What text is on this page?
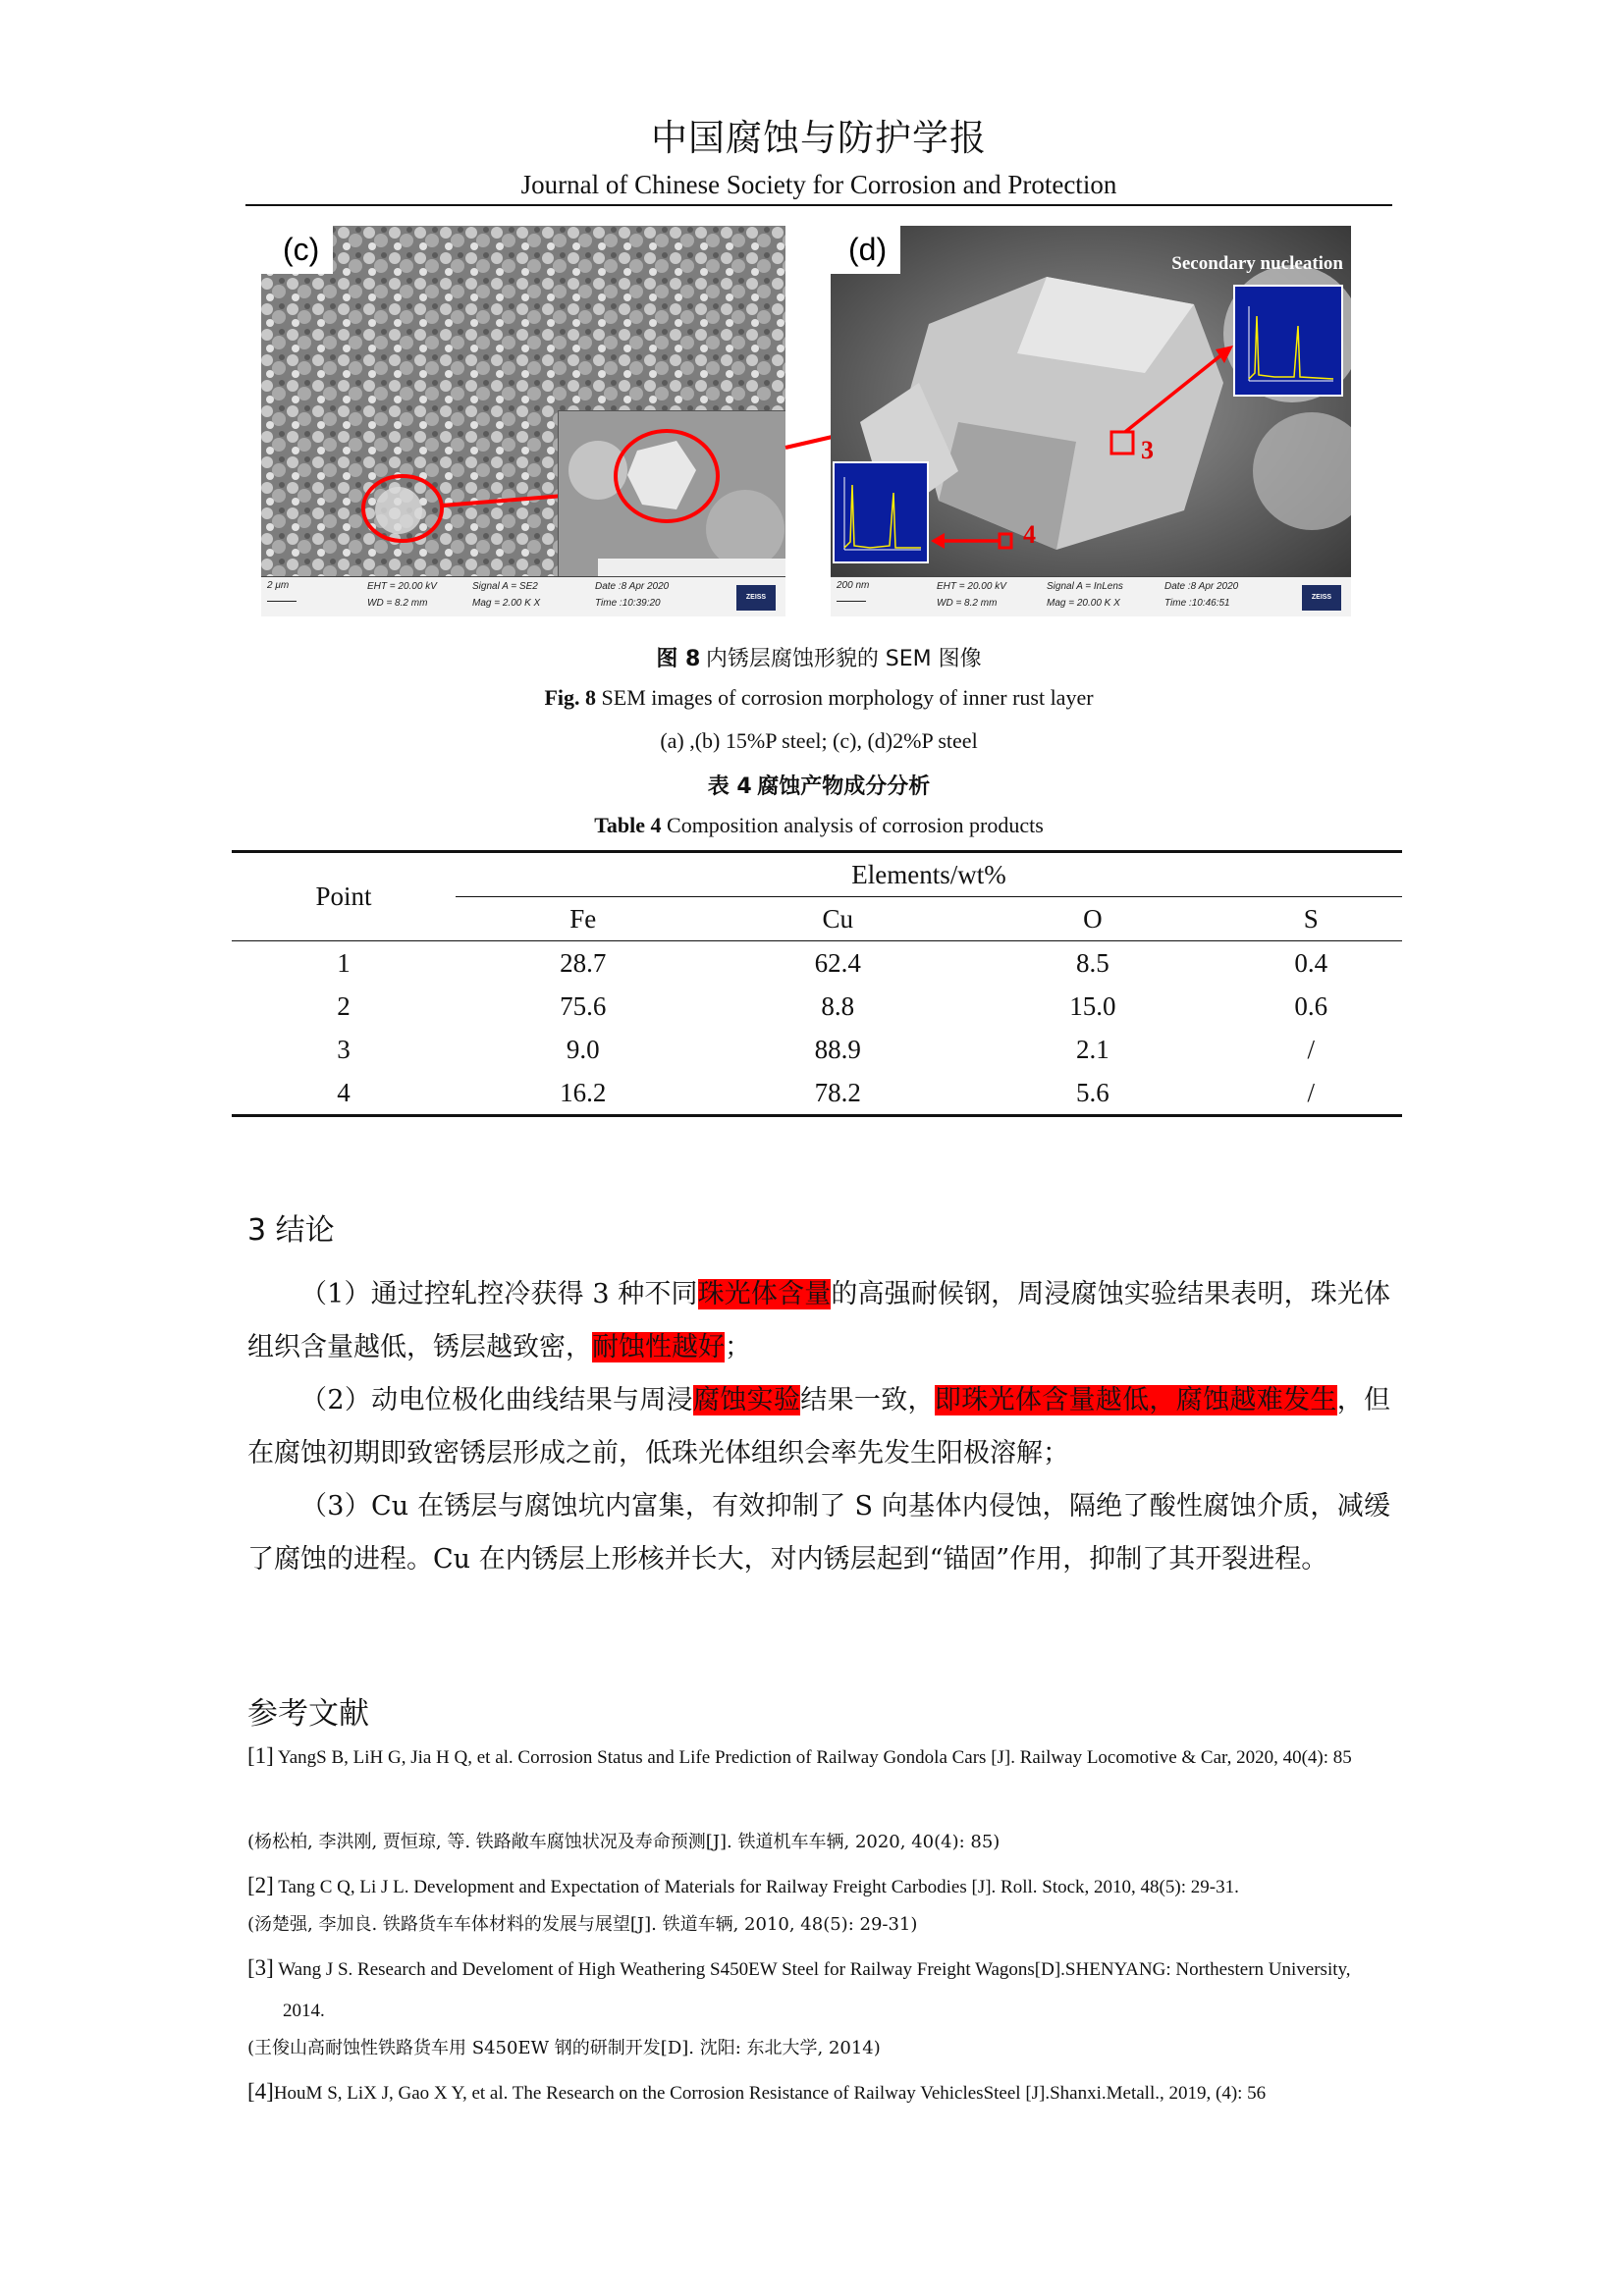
中国腐蚀与防护学报
Journal of Chinese Society for Corrosion and Protection
(c)
2 μm	EHT = 20.00 kV
WD = 8.2 mm
Signal A = SE2
Mag = 2.00 K X
Date :8 Apr 2020
Time :10:39:20
ZEISS
(d)	Secondary nucleation
3
4
200 nm	EHT = 20.00 kV
WD = 8.2 mm
Signal A = InLens
Mag = 20.00 K X
Date :8 Apr 2020
Time :10:46:51
ZEISS
图 8 内锈层腐蚀形貌的 SEM 图像
Fig. 8 SEM images of corrosion morphology of inner rust layer
(a) ,(b) 15%P steel; (c), (d)2%P steel
表 4 腐蚀产物成分分析
Table 4 Composition analysis of corrosion products
Point	Elements/wt%			
	Fe	Cu	O	S
1	28.7	62.4	8.5	0.4
2	75.6	8.8	15.0	0.6
3	9.0	88.9	2.1	/
4	16.2	78.2	5.6	/
3 结论
（1）通过控轧控冷获得 3 种不同珠光体含量的高强耐候钢，周浸腐蚀实验结果表明，珠光体组织含量越低，锈层越致密，耐蚀性越好；
（2）动电位极化曲线结果与周浸腐蚀实验结果一致，即珠光体含量越低，腐蚀越难发生，但在腐蚀初期即致密锈层形成之前，低珠光体组织会率先发生阳极溶解；
（3）Cu 在锈层与腐蚀坑内富集，有效抑制了 S 向基体内侵蚀，隔绝了酸性腐蚀介质，减缓了腐蚀的进程。Cu 在内锈层上形核并长大，对内锈层起到“锚固”作用，抑制了其开裂进程。
参考文献
[1] YangS B, LiH G, Jia H Q, et al. Corrosion Status and Life Prediction of Railway Gondola Cars [J]. Railway Locomotive & Car, 2020, 40(4): 85
(杨松柏, 李洪刚, 贾恒琼, 等. 铁路敞车腐蚀状况及寿命预测[J]. 铁道机车车辆, 2020, 40(4): 85)
[2] Tang C Q, Li J L. Development and Expectation of Materials for Railway Freight Carbodies [J]. Roll. Stock, 2010, 48(5): 29-31.
(汤楚强, 李加良. 铁路货车车体材料的发展与展望[J]. 铁道车辆, 2010, 48(5): 29-31)
[3] Wang J S. Research and Develoment of High Weathering S450EW Steel for Railway Freight Wagons[D].SHENYANG: Northestern University, 2014.
(王俊山高耐蚀性铁路货车用 S450EW 钢的研制开发[D]. 沈阳: 东北大学, 2014)
[4]HouM S, LiX J, Gao X Y, et al. The Research on the Corrosion Resistance of Railway VehiclesSteel [J].Shanxi.Metall., 2019, (4): 56
